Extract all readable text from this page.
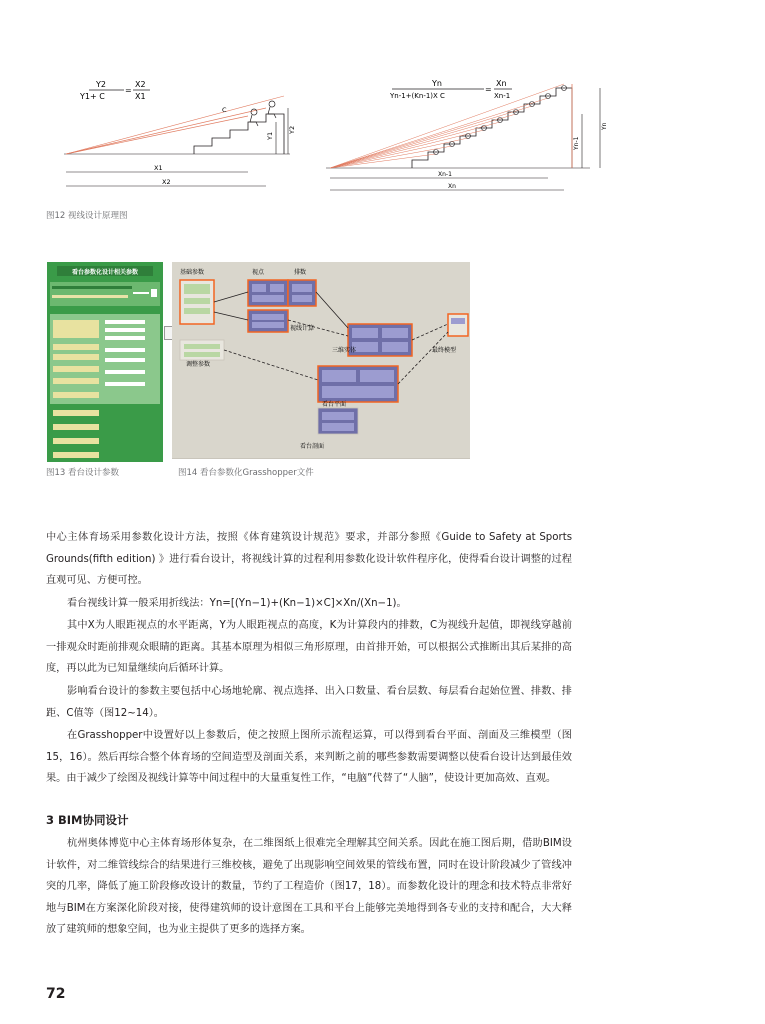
Y2
Y1+ C
=
X2
X1
C
Y1
Y2
X1
X2
Yn
Yn-1+(Kn-1)X C
=
Xn
Xn-1
Yn-1
Yn
Xn-1
Xn
图12 视线设计原理图
看台参数化设计相关参数	基础参数	视点	排数
视线计算
调整参数
三维实体	最终模型
看台平面
看台剖面
图13 看台设计参数	图14 看台参数化Grasshopper文件

中心主体育场采用参数化设计方法，按照《体育建筑设计规范》要求，并部分参照《Guide to Safety at Sports Grounds(fifth edition) 》进行看台设计，将视线计算的过程利用参数化设计软件程序化，使得看台设计调整的过程直观可见、方便可控。

看台视线计算一般采用折线法：Yn=[(Yn−1)+(Kn−1)×C]×Xn/(Xn−1)。

其中X为人眼距视点的水平距离，Y为人眼距视点的高度，K为计算段内的排数，C为视线升起值，即视线穿越前一排观众时距前排观众眼睛的距离。其基本原理为相似三角形原理，由首排开始，可以根据公式推断出其后某排的高度，再以此为已知量继续向后循环计算。

影响看台设计的参数主要包括中心场地轮廓、视点选择、出入口数量、看台层数、每层看台起始位置、排数、排距、C值等（图12~14）。

在Grasshopper中设置好以上参数后，使之按照上图所示流程运算，可以得到看台平面、剖面及三维模型（图15，16）。然后再综合整个体育场的空间造型及剖面关系，来判断之前的哪些参数需要调整以使看台设计达到最佳效果。由于减少了绘图及视线计算等中间过程中的大量重复性工作，“电脑”代替了“人脑”，使设计更加高效、直观。

3 BIM协同设计

杭州奥体博览中心主体育场形体复杂，在二维图纸上很难完全理解其空间关系。因此在施工图后期，借助BIM设计软件，对二维管线综合的结果进行三维校核，避免了出现影响空间效果的管线布置，同时在设计阶段减少了管线冲突的几率，降低了施工阶段修改设计的数量，节约了工程造价（图17，18）。而参数化设计的理念和技术特点非常好地与BIM在方案深化阶段对接，使得建筑师的设计意图在工具和平台上能够完美地得到各专业的支持和配合，大大释放了建筑师的想象空间，也为业主提供了更多的选择方案。

72
